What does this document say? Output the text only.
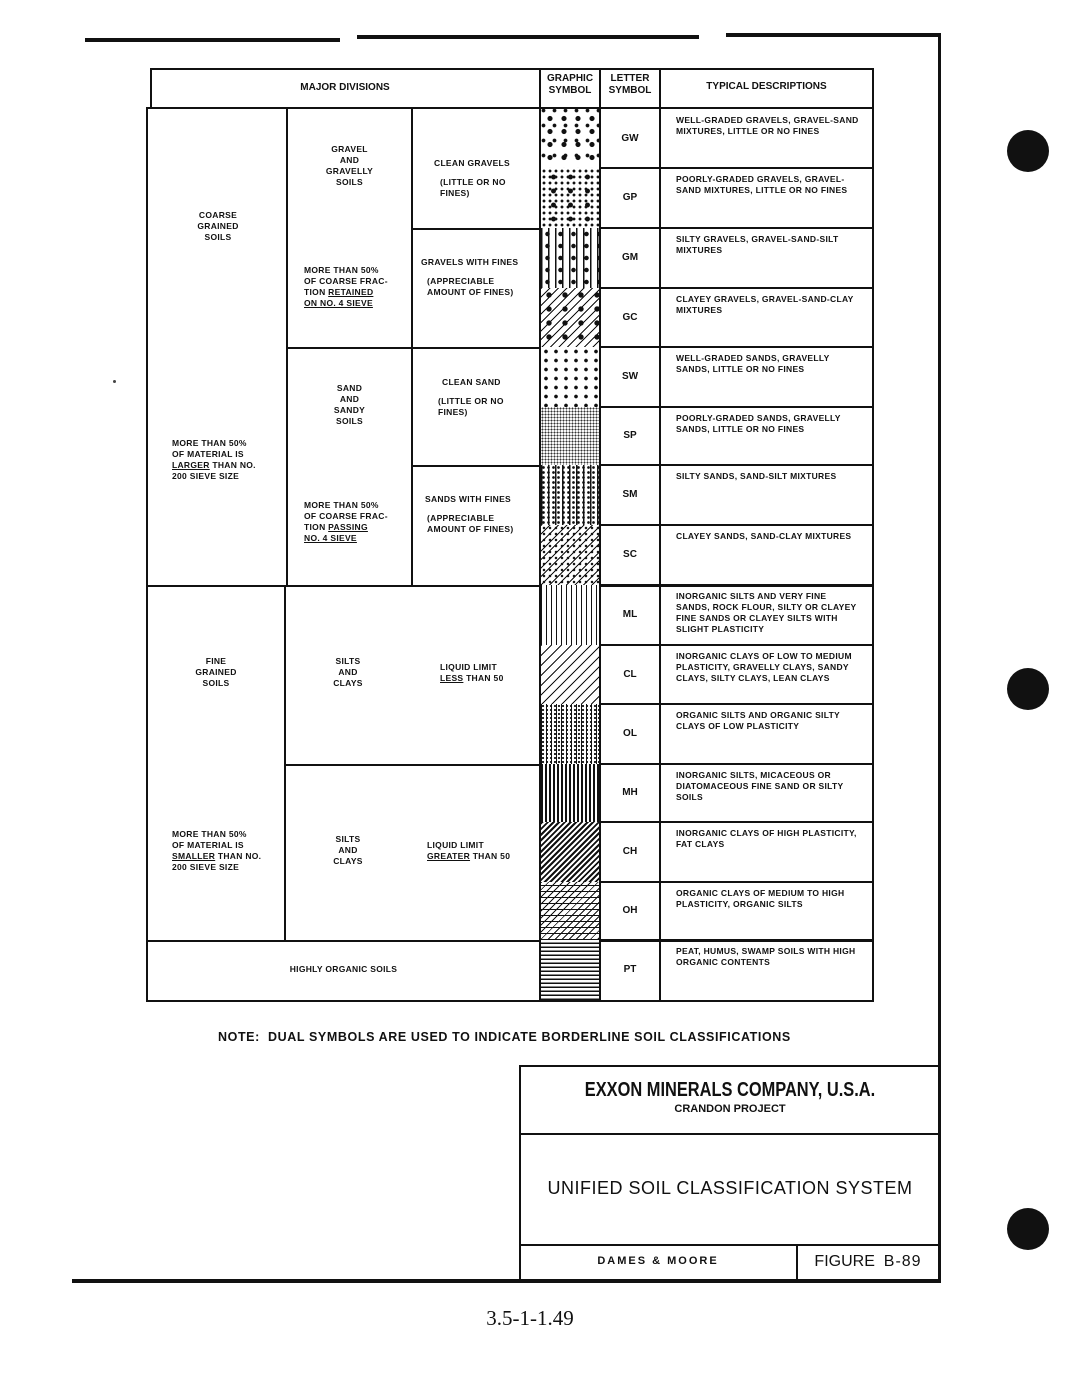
MAJOR DIVISIONS
GRAPHIC
SYMBOL
LETTER
SYMBOL	TYPICAL DESCRIPTIONS
COARSE
GRAINED
SOILS
MORE THAN 50%
OF MATERIAL IS
LARGER THAN NO.
200 SIEVE SIZE
GRAVEL
AND
GRAVELLY
SOILS
MORE THAN 50%
OF COARSE FRAC-
TION RETAINED
ON NO. 4 SIEVE
CLEAN GRAVELS
(LITTLE OR NO
FINES)
GRAVELS WITH FINES
(APPRECIABLE
AMOUNT OF FINES)
SAND
AND
SANDY
SOILS
MORE THAN 50%
OF COARSE FRAC-
TION PASSING
NO. 4 SIEVE
CLEAN SAND
(LITTLE OR NO
FINES)
SANDS WITH FINES
(APPRECIABLE
AMOUNT OF FINES)
FINE
GRAINED
SOILS
MORE THAN 50%
OF MATERIAL IS
SMALLER THAN NO.
200 SIEVE SIZE
SILTS
AND
CLAYS
LIQUID LIMIT
LESS THAN 50
SILTS
AND
CLAYS
LIQUID LIMIT
GREATER THAN 50
HIGHLY ORGANIC SOILS
GW
WELL-GRADED GRAVELS, GRAVEL-SAND MIXTURES, LITTLE OR NO FINES
GP
POORLY-GRADED GRAVELS, GRAVEL-SAND MIXTURES, LITTLE OR NO FINES
GM
SILTY GRAVELS, GRAVEL-SAND-SILT MIXTURES
GC
CLAYEY GRAVELS, GRAVEL-SAND-CLAY MIXTURES
SW
WELL-GRADED SANDS, GRAVELLY SANDS, LITTLE OR NO FINES
SP
POORLY-GRADED SANDS, GRAVELLY SANDS, LITTLE OR NO FINES
SM
SILTY SANDS, SAND-SILT MIXTURES
SC
CLAYEY SANDS, SAND-CLAY MIXTURES
ML
INORGANIC SILTS AND VERY FINE SANDS, ROCK FLOUR, SILTY OR CLAYEY FINE SANDS OR CLAYEY SILTS WITH SLIGHT PLASTICITY
CL
INORGANIC CLAYS OF LOW TO MEDIUM PLASTICITY, GRAVELLY CLAYS, SANDY CLAYS, SILTY CLAYS, LEAN CLAYS
OL
ORGANIC SILTS AND ORGANIC SILTY CLAYS OF LOW PLASTICITY
MH
INORGANIC SILTS, MICACEOUS OR DIATOMACEOUS FINE SAND OR SILTY SOILS
CH
INORGANIC CLAYS OF HIGH PLASTICITY, FAT CLAYS
OH
ORGANIC CLAYS OF MEDIUM TO HIGH PLASTICITY, ORGANIC SILTS
PT
PEAT, HUMUS, SWAMP SOILS WITH HIGH ORGANIC CONTENTS
NOTE:  DUAL SYMBOLS ARE USED TO INDICATE BORDERLINE SOIL CLASSIFICATIONS
EXXON MINERALS COMPANY, U.S.A.
CRANDON PROJECT
UNIFIED SOIL CLASSIFICATION SYSTEM
DAMES & MOORE	FIGURE B-89
3.5-1-1.49
